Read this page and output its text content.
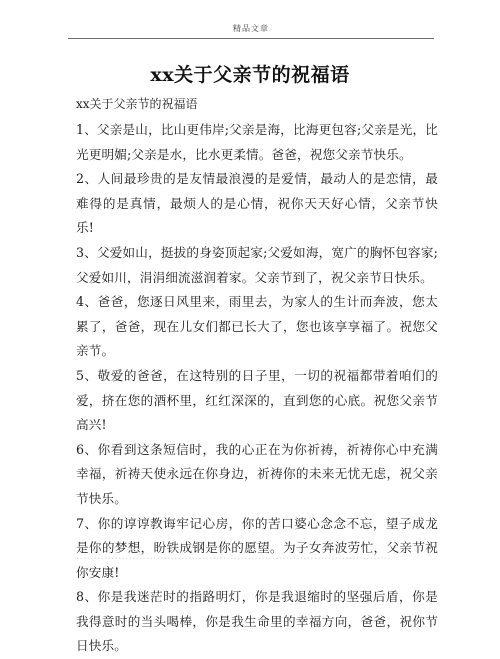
精品文章
xx关于父亲节的祝福语
xx关于父亲节的祝福语

1、父亲是山，比山更伟岸;父亲是海，比海更包容;父亲是光，比光更明媚;父亲是水，比水更柔情。爸爸，祝您父亲节快乐。

2、人间最珍贵的是友情最浪漫的是爱情，最动人的是恋情，最难得的是真情，最烦人的是心情，祝你天天好心情，父亲节快乐!

3、父爱如山，挺拔的身姿顶起家;父爱如海，宽广的胸怀包容家;父爱如川，涓涓细流滋润着家。父亲节到了，祝父亲节日快乐。

4、爸爸，您逐日风里来，雨里去，为家人的生计而奔波，您太累了，爸爸，现在儿女们都已长大了，您也该享享福了。祝您父亲节。

5、敬爱的爸爸，在这特别的日子里，一切的祝福都带着咱们的爱，挤在您的酒杯里，红红深深的，直到您的心底。祝您父亲节高兴!

6、你看到这条短信时，我的心正在为你祈祷，祈祷你心中充满幸福，祈祷天使永远在你身边，祈祷你的未来无忧无虑，祝父亲节快乐。

7、你的谆谆教诲牢记心房，你的苦口婆心念念不忘，望子成龙是你的梦想，盼铁成钢是你的愿望。为子女奔波劳忙，父亲节祝你安康!

8、你是我迷茫时的指路明灯，你是我退缩时的坚强后盾，你是我得意时的当头喝棒，你是我生命里的幸福方向，爸爸，祝你节日快乐。

··························································································
